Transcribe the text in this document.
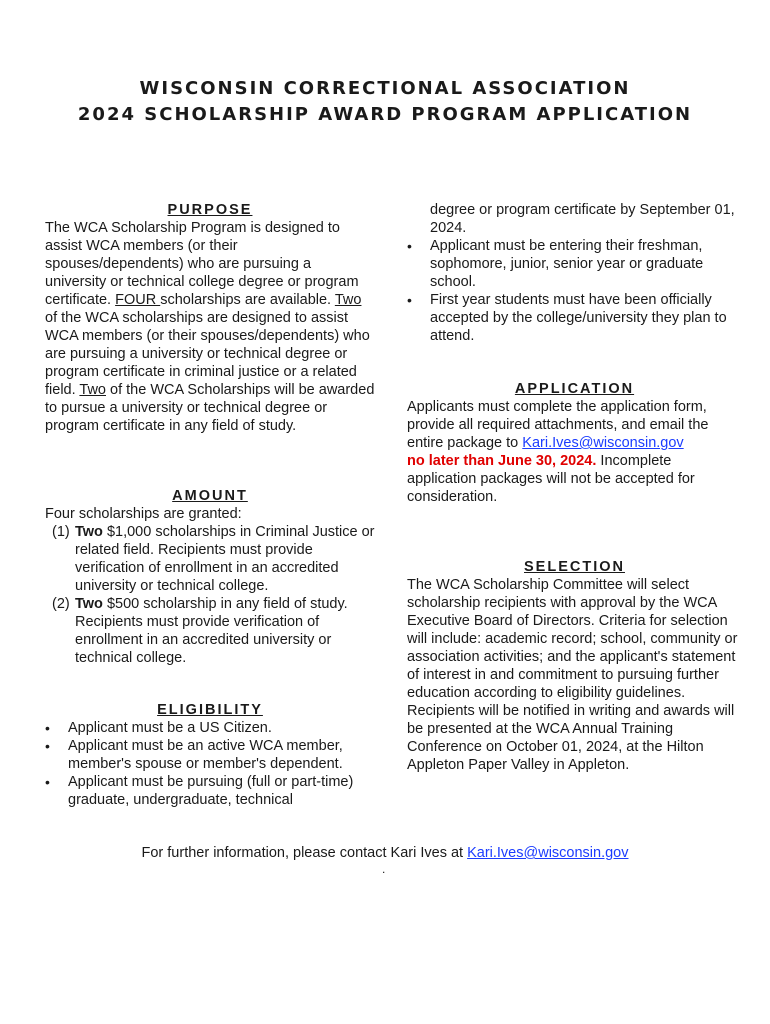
WISCONSIN CORRECTIONAL ASSOCIATION
2024 SCHOLARSHIP AWARD PROGRAM APPLICATION
PURPOSE

The WCA Scholarship Program is designed to assist WCA members (or their spouses/dependents) who are pursuing a university or technical college degree or program certificate. FOUR scholarships are available. Two of the WCA scholarships are designed to assist WCA members (or their spouses/dependents) who are pursuing a university or technical degree or program certificate in criminal justice or a related field. Two of the WCA Scholarships will be awarded to pursue a university or technical degree or program certificate in any field of study.

AMOUNT

Four scholarships are granted:

(1) Two $1,000 scholarships in Criminal Justice or related field. Recipients must provide verification of enrollment in an accredited university or technical college.
(2) Two $500 scholarship in any field of study. Recipients must provide verification of enrollment in an accredited university or technical college.
ELIGIBILITY
• Applicant must be a US Citizen.
• Applicant must be an active WCA member, member's spouse or member's dependent.
• Applicant must be pursuing (full or part-time) graduate, undergraduate, technical
degree or program certificate by September 01, 2024.
• Applicant must be entering their freshman, sophomore, junior, senior year or graduate school.
• First year students must have been officially accepted by the college/university they plan to attend.
APPLICATION

Applicants must complete the application form, provide all required attachments, and email the entire package to Kari.Ives@wisconsin.gov
no later than June 30, 2024. Incomplete application packages will not be accepted for consideration.

SELECTION

The WCA Scholarship Committee will select scholarship recipients with approval by the WCA Executive Board of Directors. Criteria for selection will include: academic record; school, community or association activities; and the applicant's statement of interest in and commitment to pursuing further education according to eligibility guidelines. Recipients will be notified in writing and awards will be presented at the WCA Annual Training Conference on October 01, 2024, at the Hilton Appleton Paper Valley in Appleton.

For further information, please contact Kari Ives at Kari.Ives@wisconsin.gov
.
